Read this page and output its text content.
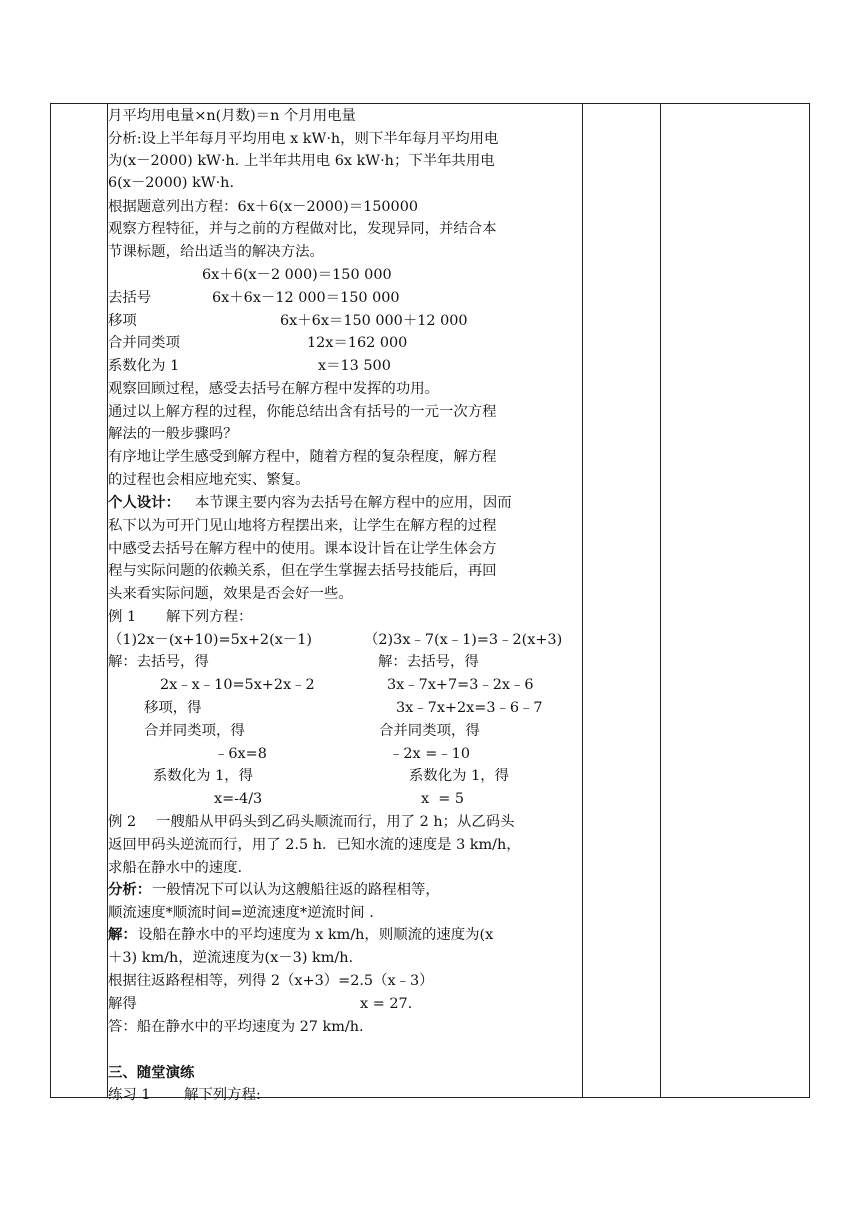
月平均用电量×n(月数)＝n 个月用电量
分析:设上半年每月平均用电 x kW·h，则下半年每月平均用电
为(x－2000) kW·h. 上半年共用电 6x kW·h；下半年共用电
6(x－2000) kW·h.
根据题意列出方程：6x＋6(x－2000)＝150000
观察方程特征，并与之前的方程做对比，发现异同，并结合本
节课标题，给出适当的解决方法。
6x＋6(x－2 000)＝150 000
去括号	6x＋6x－12 000＝150 000
移项	6x＋6x＝150 000＋12 000
合并同类项	12x＝162 000
系数化为 1	x＝13 500
观察回顾过程，感受去括号在解方程中发挥的功用。
通过以上解方程的过程，你能总结出含有括号的一元一次方程
解法的一般步骤吗？
有序地让学生感受到解方程中，随着方程的复杂程度，解方程
的过程也会相应地充实、繁复。
个人设计： 本节课主要内容为去括号在解方程中的应用，因而
私下以为可开门见山地将方程摆出来，让学生在解方程的过程
中感受去括号在解方程中的使用。课本设计旨在让学生体会方
程与实际问题的依赖关系，但在学生掌握去括号技能后，再回
头来看实际问题，效果是否会好一些。
例 1 解下列方程：
（1)2x－(x+10)=5x+2(x－1)	（2)3x﹣7(x﹣1)=3﹣2(x+3)
解：去括号，得	解：去括号，得
2x﹣x﹣10=5x+2x﹣2	3x﹣7x+7=3﹣2x﹣6
移项，得	3x﹣7x+2x=3﹣6﹣7
合并同类项，得	合并同类项，得
﹣6x=8	﹣2x =﹣10
系数化为 1，得	系数化为 1，得
x=-4/3	x  = 5
例 2 一艘船从甲码头到乙码头顺流而行，用了 2 h；从乙码头
返回甲码头逆流而行，用了 2.5 h．已知水流的速度是 3 km/h，
求船在静水中的速度.
分析： 一般情况下可以认为这艘船往返的路程相等，
顺流速度*顺流时间=逆流速度*逆流时间 .
解： 设船在静水中的平均速度为 x km/h，则顺流的速度为(x
＋3) km/h，逆流速度为(x－3) km/h.
根据往返路程相等，列得 2（x+3）=2.5（x﹣3）
解得	x = 27.
答：船在静水中的平均速度为 27 km/h.
三、随堂演练
练习 1 解下列方程:
